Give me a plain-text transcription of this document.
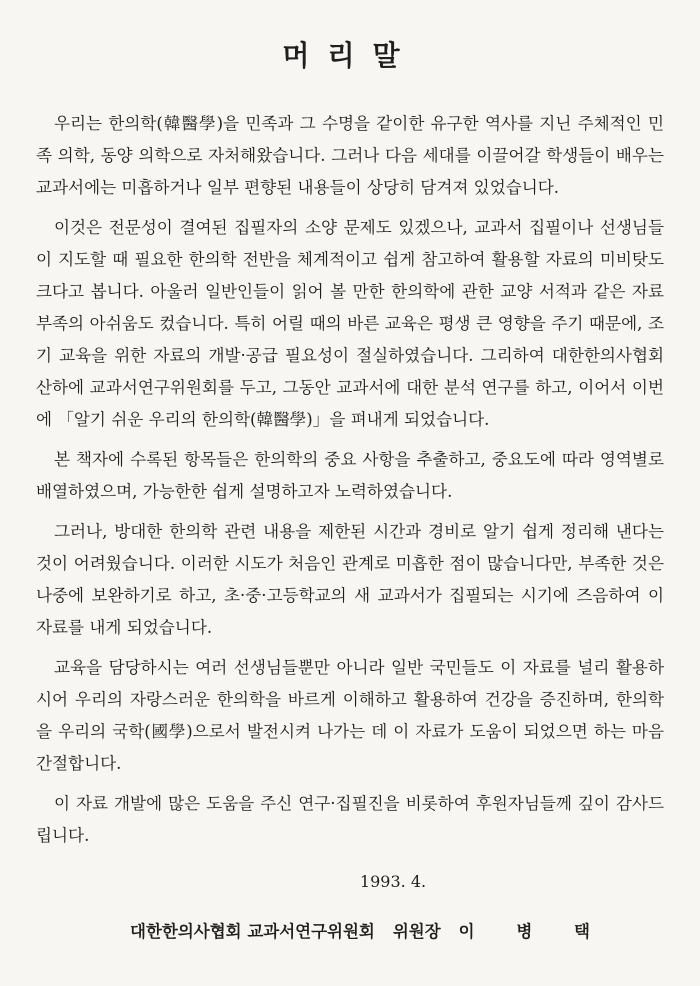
머리말

우리는 한의학(韓醫學)을 민족과 그 수명을 같이한 유구한 역사를 지닌 주체적인 민족 의학, 동양 의학으로 자처해왔습니다. 그러나 다음 세대를 이끌어갈 학생들이 배우는 교과서에는 미흡하거나 일부 편향된 내용들이 상당히 담겨져 있었습니다.

이것은 전문성이 결여된 집필자의 소양 문제도 있겠으나, 교과서 집필이나 선생님들이 지도할 때 필요한 한의학 전반을 체계적이고 쉽게 참고하여 활용할 자료의 미비탓도 크다고 봅니다. 아울러 일반인들이 읽어 볼 만한 한의학에 관한 교양 서적과 같은 자료 부족의 아쉬움도 컸습니다. 특히 어릴 때의 바른 교육은 평생 큰 영향을 주기 때문에, 조기 교육을 위한 자료의 개발·공급 필요성이 절실하였습니다. 그리하여 대한한의사협회 산하에 교과서연구위원회를 두고, 그동안 교과서에 대한 분석 연구를 하고, 이어서 이번에 「알기 쉬운 우리의 한의학(韓醫學)」을 펴내게 되었습니다.

본 책자에 수록된 항목들은 한의학의 중요 사항을 추출하고, 중요도에 따라 영역별로 배열하였으며, 가능한한 쉽게 설명하고자 노력하였습니다.

그러나, 방대한 한의학 관련 내용을 제한된 시간과 경비로 알기 쉽게 정리해 낸다는 것이 어려웠습니다. 이러한 시도가 처음인 관계로 미흡한 점이 많습니다만, 부족한 것은 나중에 보완하기로 하고, 초·중·고등학교의 새 교과서가 집필되는 시기에 즈음하여 이 자료를 내게 되었습니다.

교육을 담당하시는 여러 선생님들뿐만 아니라 일반 국민들도 이 자료를 널리 활용하시어 우리의 자랑스러운 한의학을 바르게 이해하고 활용하여 건강을 증진하며, 한의학을 우리의 국학(國學)으로서 발전시켜 나가는 데 이 자료가 도움이 되었으면 하는 마음 간절합니다.

이 자료 개발에 많은 도움을 주신 연구·집필진을 비롯하여 후원자님들께 깊이 감사드립니다.

1993. 4.
대한한의사협회 교과서연구위원회 위원장 이 병 택
